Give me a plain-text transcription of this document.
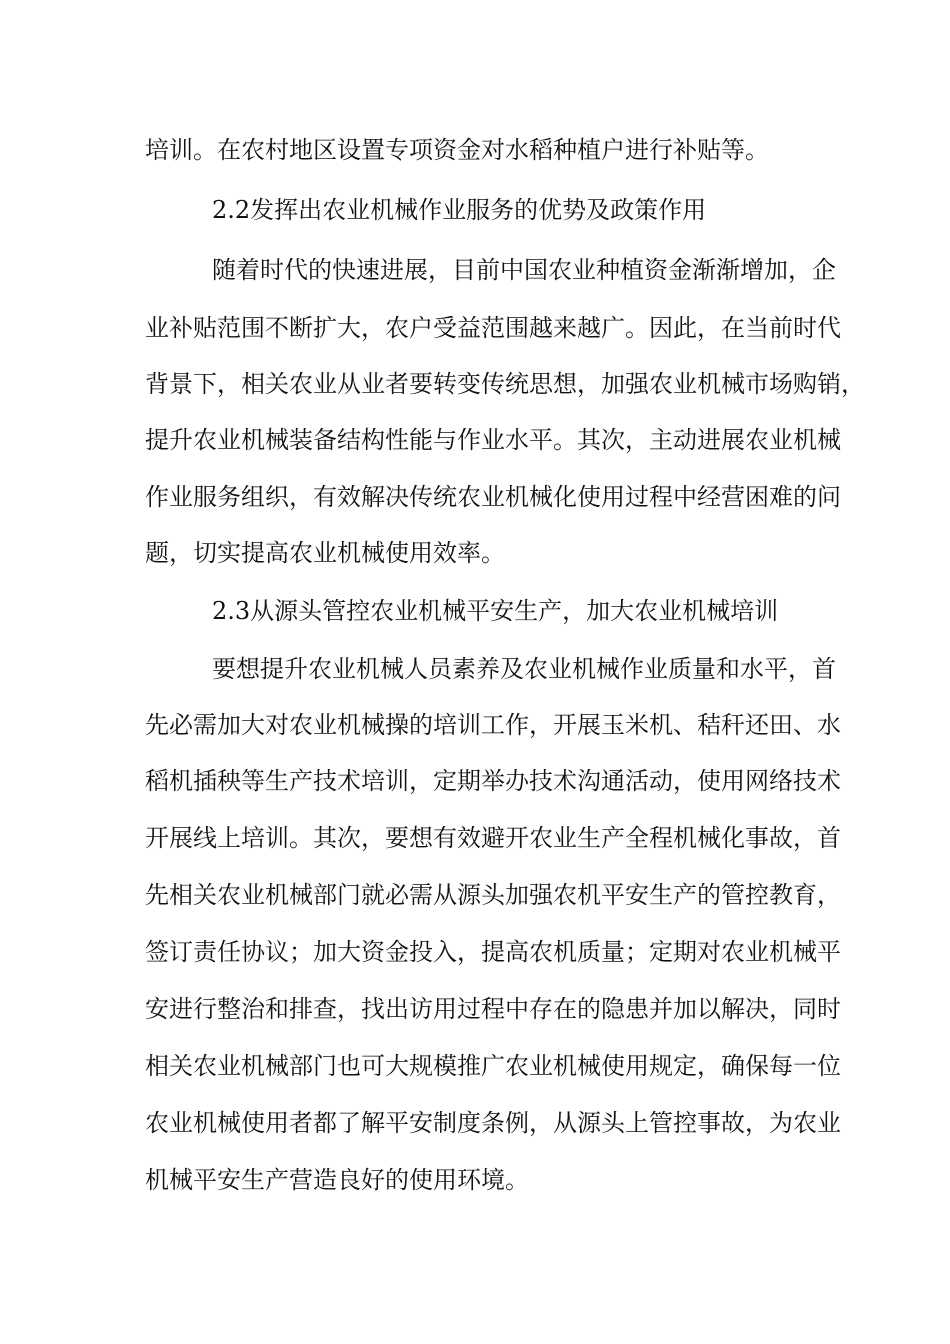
培训。在农村地区设置专项资金对水稻种植户进行补贴等。
2.2发挥出农业机械作业服务的优势及政策作用
随着时代的快速进展，目前中国农业种植资金渐渐增加，企
业补贴范围不断扩大，农户受益范围越来越广。因此，在当前时代
背景下，相关农业从业者要转变传统思想，加强农业机械市场购销，
提升农业机械装备结构性能与作业水平。其次，主动进展农业机械
作业服务组织，有效解决传统农业机械化使用过程中经营困难的问
题，切实提高农业机械使用效率。
2.3从源头管控农业机械平安生产，加大农业机械培训
要想提升农业机械人员素养及农业机械作业质量和水平，首
先必需加大对农业机械操的培训工作，开展玉米机、秸秆还田、水
稻机插秧等生产技术培训，定期举办技术沟通活动，使用网络技术
开展线上培训。其次，要想有效避开农业生产全程机械化事故，首
先相关农业机械部门就必需从源头加强农机平安生产的管控教育，
签订责任协议；加大资金投入，提高农机质量；定期对农业机械平
安进行整治和排查，找出访用过程中存在的隐患并加以解决，同时
相关农业机械部门也可大规模推广农业机械使用规定，确保每一位
农业机械使用者都了解平安制度条例，从源头上管控事故，为农业
机械平安生产营造良好的使用环境。
